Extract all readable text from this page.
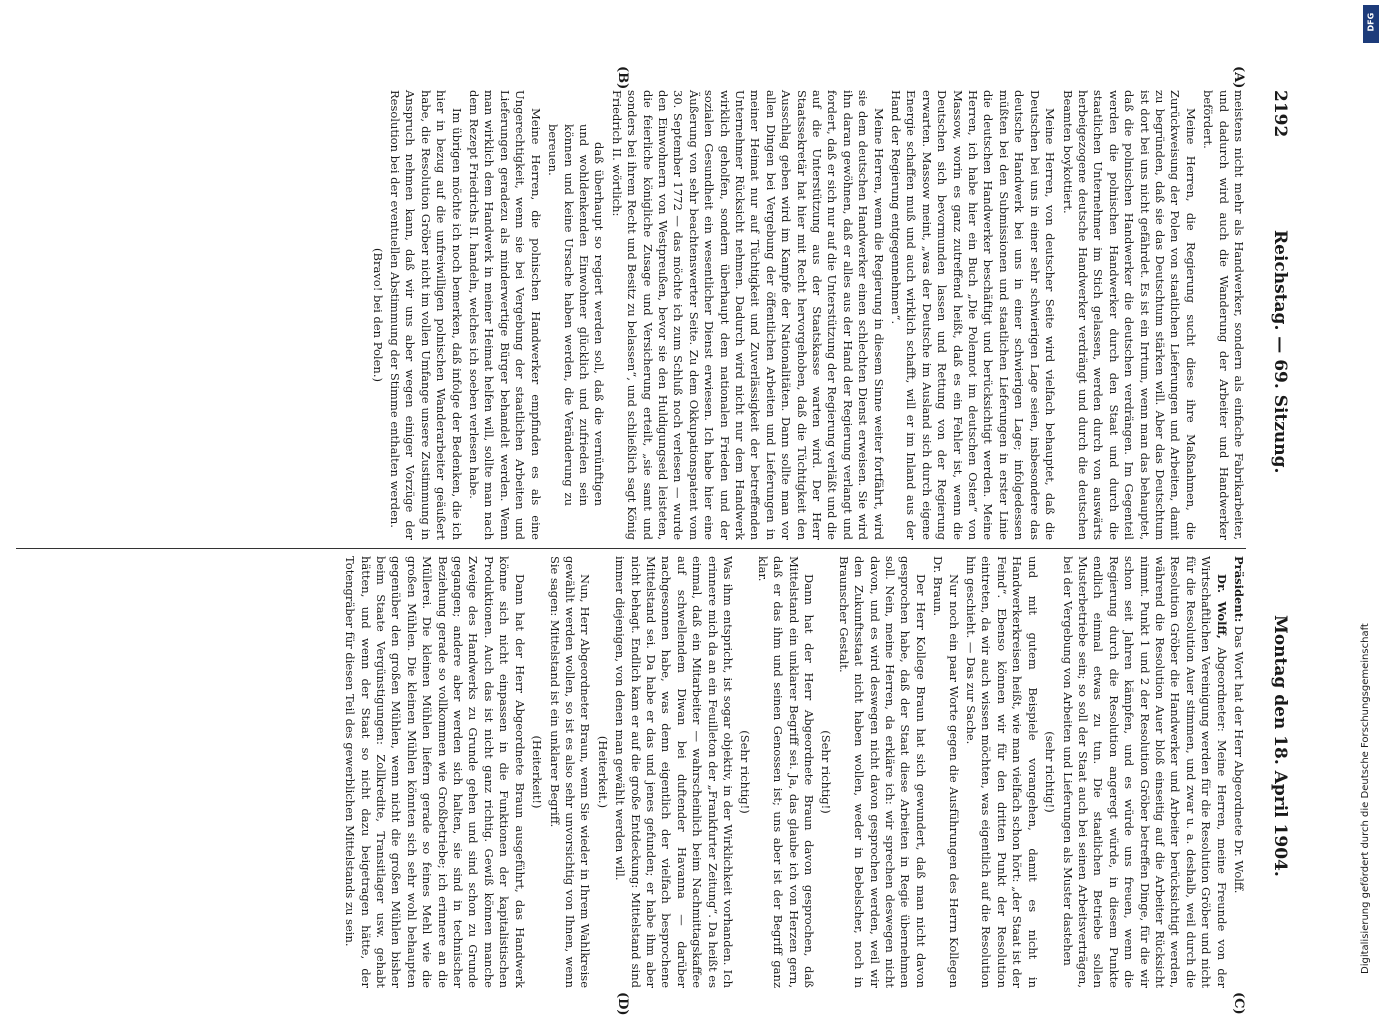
2192
Reichstag. — 69. Sitzung.
Montag den 18. April 1904.
(A)
(B)
(C)
(D)

meistens nicht mehr als Handwerker, sondern als einfache Fabrikarbeiter, und dadurch wird auch die Wanderung der Arbeiter und Handwerker befördert.

Meine Herren, die Regierung sucht diese ihre Maßnahmen, die Zurückweisung der Polen von staatlichen Lieferungen und Arbeiten, damit zu begründen, daß sie das Deutschtum stärken will. Aber das Deutschtum ist dort bei uns nicht gefährdet. Es ist ein Irrtum, wenn man das behauptet, daß die polnischen Handwerker die deutschen verdrängen. Im Gegenteil werden die polnischen Handwerker durch den Staat und durch die staatlichen Unternehmer im Stich gelassen, werden durch von auswärts herbeigezogene deutsche Handwerker verdrängt und durch die deutschen Beamten boykottiert.

Meine Herren, von deutscher Seite wird vielfach behauptet, daß die Deutschen bei uns in einer sehr schwierigen Lage seien, insbesondere das deutsche Handwerk bei uns in einer schwierigen Lage; infolgedessen müßten bei den Submissionen und staatlichen Lieferungen in erster Linie die deutschen Handwerker beschäftigt und berücksichtigt werden. Meine Herren, ich habe hier ein Buch „Die Polennot im deutschen Osten“ von Massow, worin es ganz zutreffend heißt, daß es ein Fehler ist, wenn die Deutschen sich bevormunden lassen und Rettung von der Regierung erwarten. Massow meint, „was der Deutsche im Ausland sich durch eigene Energie schaffen muß und auch wirklich schafft, will er im Inland aus der Hand der Regierung entgegennehmen“.

Meine Herren, wenn die Regierung in diesem Sinne weiter fortfährt, wird sie dem deutschen Handwerker einen schlechten Dienst erweisen. Sie wird ihn daran gewöhnen, daß er alles aus der Hand der Regierung verlangt und fordert, daß er sich nur auf die Unterstützung der Regierung verläßt und die auf die Unterstützung aus der Staatskasse warten wird. Der Herr Staatssekretär hat hier mit Recht hervorgehoben, daß die Tüchtigkeit den Ausschlag geben wird im Kampfe der Nationalitäten. Dann sollte man vor allen Dingen bei Vergebung der öffentlichen Arbeiten und Lieferungen in meiner Heimat nur auf Tüchtigkeit und Zuverlässigkeit der betreffenden Unternehmer Rücksicht nehmen. Dadurch wird nicht nur dem Handwerk wirklich geholfen, sondern überhaupt dem nationalen Frieden und der sozialen Gesundheit ein wesentlicher Dienst erwiesen. Ich habe hier eine Äußerung von sehr beachtenswerter Seite. Zu dem Okkupationspatent vom 30. September 1772 — das möchte ich zum Schluß noch verlesen — wurde den Einwohnern von Westpreußen, bevor sie den Huldigungseid leisteten, die feierliche königliche Zusage und Versicherung erteilt, „sie samt und sonders bei ihrem Recht und Besitz zu belassen“, und schließlich sagt König Friedrich II. wörtlich:

daß überhaupt so regiert werden soll, daß die vernünftigen und wohldenkenden Einwohner glücklich und zufrieden sein können und keine Ursache haben werden, die Veränderung zu bereuen.

Meine Herren, die polnischen Handwerker empfinden es als eine Ungerechtigkeit, wenn sie bei Vergebung der staatlichen Arbeiten und Lieferungen geradezu als minderwertige Bürger behandelt werden. Wenn man wirklich dem Handwerk in meiner Heimat helfen will, sollte man nach dem Rezept Friedrichs II. handeln, welches ich soeben verlesen habe.

Im übrigen möchte ich noch bemerken, daß infolge der Bedenken, die ich hier in bezug auf die unfreiwilligen polnischen Wanderarbeiter geäußert habe, die Resolution Gröber nicht im vollen Umfange unsere Zustimmung in Anspruch nehmen kann, daß wir uns aber wegen einiger Vorzüge der Resolution bei der eventuellen Abstimmung der Stimme enthalten werden.

(Bravo! bei den Polen.)

Präsident: Das Wort hat der Herr Abgeordnete Dr. Wolff.

Dr. Wolff, Abgeordneter: Meine Herren, meine Freunde von der Wirtschaftlichen Vereinigung werden für die Resolution Gröber und nicht für die Resolution Auer stimmen, und zwar u. a. deshalb, weil durch die Resolution Gröber die Handwerker und Arbeiter berücksichtigt werden, während die Resolution Auer bloß einseitig auf die Arbeiter Rücksicht nimmt. Punkt 1 und 2 der Resolution Gröber betreffen Dinge, für die wir schon seit Jahren kämpfen, und es würde uns freuen, wenn die Regierung durch die Resolution angeregt würde, in diesem Punkte endlich einmal etwas zu tun. Die staatlichen Betriebe sollen Musterbetriebe sein; so soll der Staat auch bei seinen Arbeitsverträgen, bei der Vergebung von Arbeiten und Lieferungen als Muster dastehen

(sehr richtig!)

und mit gutem Beispiele vorangehen, damit es nicht in Handwerkerkreisen heißt, wie man vielfach schon hört: „der Staat ist der Feind“. Ebenso können wir für den dritten Punkt der Resolution eintreten, da wir auch wissen möchten, was eigentlich auf die Resolution hin geschieht. — Das zur Sache.

Nur noch ein paar Worte gegen die Ausführungen des Herrn Kollegen Dr. Braun.

Der Herr Kollege Braun hat sich gewundert, daß man nicht davon gesprochen habe, daß der Staat diese Arbeiten in Regie übernehmen soll. Nein, meine Herren, da erkläre ich: wir sprechen deswegen nicht davon, und es wird deswegen nicht davon gesprochen werden, weil wir den Zukunftsstaat nicht haben wollen, weder in Bebelscher, noch in Braunscher Gestalt.

(Sehr richtig!)

Dann hat der Herr Abgeordnete Braun davon gesprochen, daß Mittelstand ein unklarer Begriff sei. Ja, das glaube ich von Herzen gern, daß er das ihm und seinen Genossen ist; uns aber ist der Begriff ganz klar.

(Sehr richtig!)

Was ihm entspricht, ist sogar objektiv, in der Wirklichkeit vorhanden. Ich erinnere mich da an ein Feuilleton der „Frankfurter Zeitung“. Da heißt es einmal, daß ein Mitarbeiter — wahrscheinlich beim Nachmittagskaffee auf schwellendem Diwan bei duftender Havanna — darüber nachgesonnen habe, was denn eigentlich der vielfach besprochene Mittelstand sei. Da habe er das und jenes gefunden; er habe ihm aber nicht behagt. Endlich kam er auf die große Entdeckung: Mittelstand sind immer diejenigen, von denen man gewählt werden will.

(Heiterkeit.)

Nun, Herr Abgeordneter Braun, wenn Sie wieder in Ihrem Wahlkreise gewählt werden wollen, so ist es also sehr unvorsichtig von Ihnen, wenn Sie sagen: Mittelstand ist ein unklarer Begriff.

(Heiterkeit!)

Dann hat der Herr Abgeordnete Braun ausgeführt, das Handwerk könne sich nicht einpassen in die Funktionen der kapitalistischen Produktionen. Auch das ist nicht ganz richtig. Gewiß können manche Zweige des Handwerks zu Grunde gehen und sind schon zu Grunde gegangen; andere aber werden sich halten, sie sind in technischer Beziehung gerade so vollkommen wie Großbetriebe; ich erinnere an die Müllerei. Die kleinen Mühlen liefern gerade so feines Mehl wie die großen Mühlen. Die kleinen Mühlen könnten sich sehr wohl behaupten gegenüber den großen Mühlen, wenn nicht die großen Mühlen bisher beim Staate Vergünstigungen: Zollkredite, Transitlager usw. gehabt hätten, und wenn der Staat so nicht dazu beigetragen hätte, der Totengräber für diesen Teil des gewerblichen Mittelstands zu sein.

DFG
Digitalisierung gefördert durch die Deutsche Forschungsgemeinschaft
